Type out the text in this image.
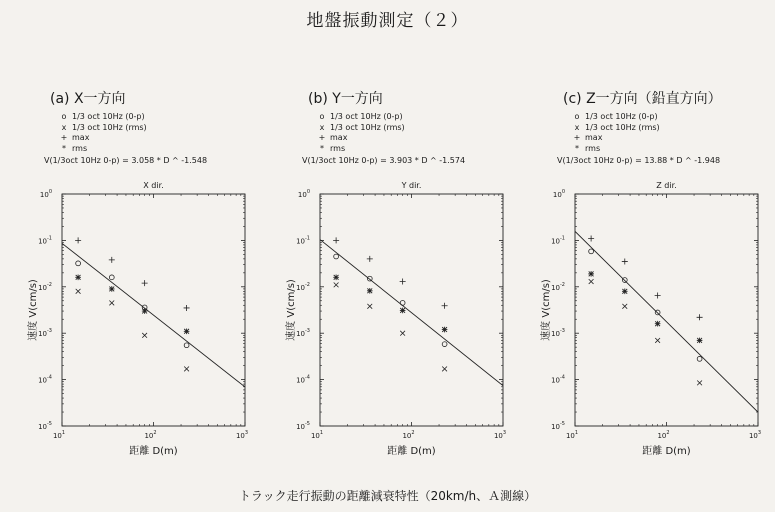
地盤振動測定（２）
(a) X一方向
o 1/3 oct 10Hz (0-p)
x 1/3 oct 10Hz (rms)
+ max
* rms
V(1/3oct 10Hz 0-p) = 3.058 * D ^ -1.548
X dir.
$10^1$	$10^2$	$10^3$
$10^0$
$10^{-1}$
$10^{-2}$
$10^{-3}$
$10^{-4}$
$10^{-5}$
距離 D(m)
速度 V(cm/s)
(b) Y一方向
o 1/3 oct 10Hz (0-p)
x 1/3 oct 10Hz (rms)
+ max
* rms
V(1/3oct 10Hz 0-p) = 3.903 * D ^ -1.574
Y dir.
$10^1$	$10^2$	$10^3$
$10^0$
$10^{-1}$
$10^{-2}$
$10^{-3}$
$10^{-4}$
$10^{-5}$
距離 D(m)
速度 V(cm/s)
(c) Z一方向（鉛直方向）
o 1/3 oct 10Hz (0-p)
x 1/3 oct 10Hz (rms)
+ max
* rms
V(1/3oct 10Hz 0-p) = 13.88 * D ^ -1.948
Z dir.
$10^1$	$10^2$	$10^3$
$10^0$
$10^{-1}$
$10^{-2}$
$10^{-3}$
$10^{-4}$
$10^{-5}$
距離 D(m)
速度 V(cm/s)
トラック走行振動の距離減衰特性（20km/h、Ａ測線）
